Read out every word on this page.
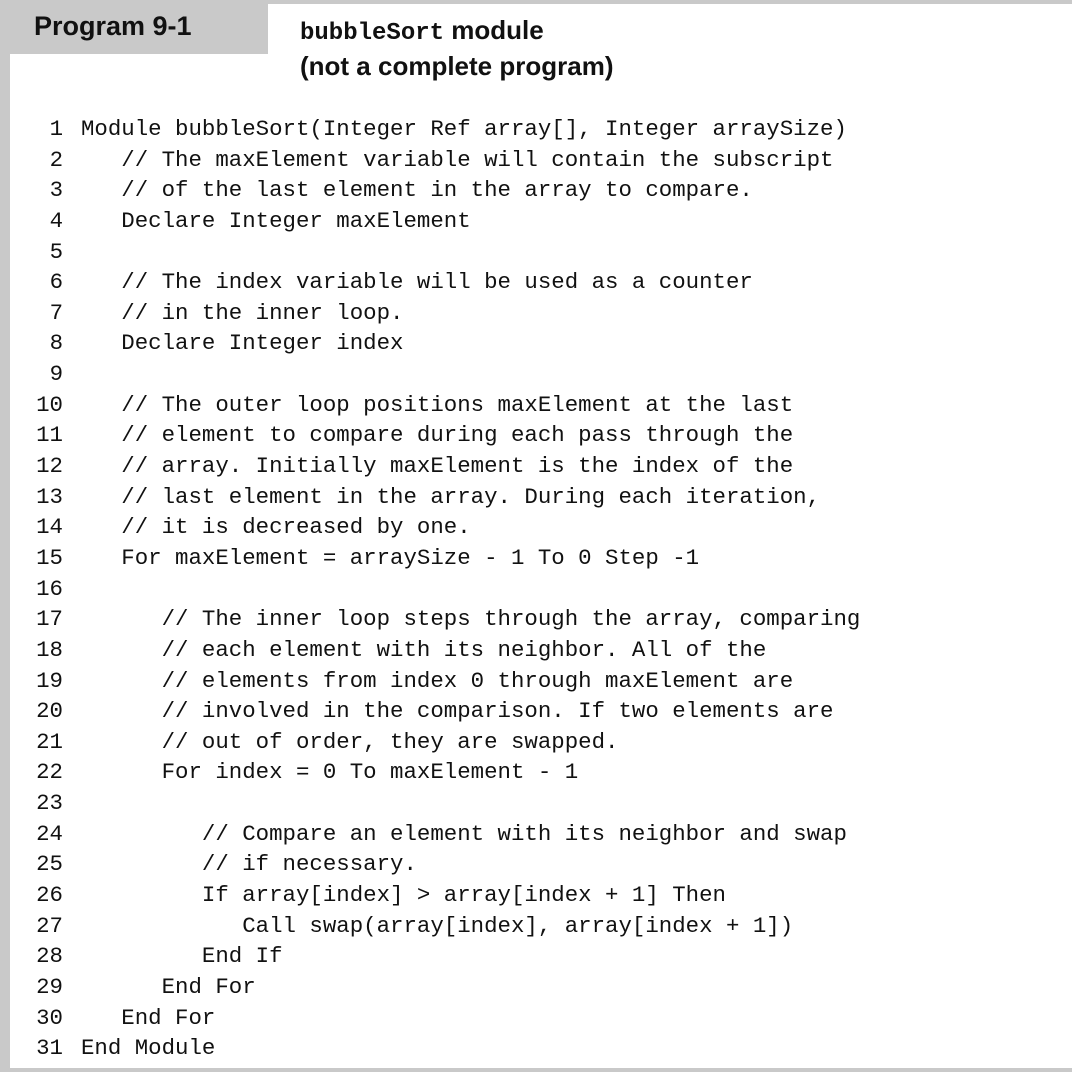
Program 9-1	bubbleSort module
(not a complete program)
1 Module bubbleSort(Integer Ref array[], Integer arraySize)
2 // The maxElement variable will contain the subscript
3 // of the last element in the array to compare.
4 Declare Integer maxElement
5
6 // The index variable will be used as a counter
7 // in the inner loop.
8 Declare Integer index
9
10 // The outer loop positions maxElement at the last
11 // element to compare during each pass through the
12 // array. Initially maxElement is the index of the
13 // last element in the array. During each iteration,
14 // it is decreased by one.
15 For maxElement = arraySize - 1 To 0 Step -1
16
17 // The inner loop steps through the array, comparing
18 // each element with its neighbor. All of the
19 // elements from index 0 through maxElement are
20 // involved in the comparison. If two elements are
21 // out of order, they are swapped.
22 For index = 0 To maxElement - 1
23
24 // Compare an element with its neighbor and swap
25 // if necessary.
26 If array[index] > array[index + 1] Then
27 Call swap(array[index], array[index + 1])
28 End If
29 End For
30 End For
31 End Module
